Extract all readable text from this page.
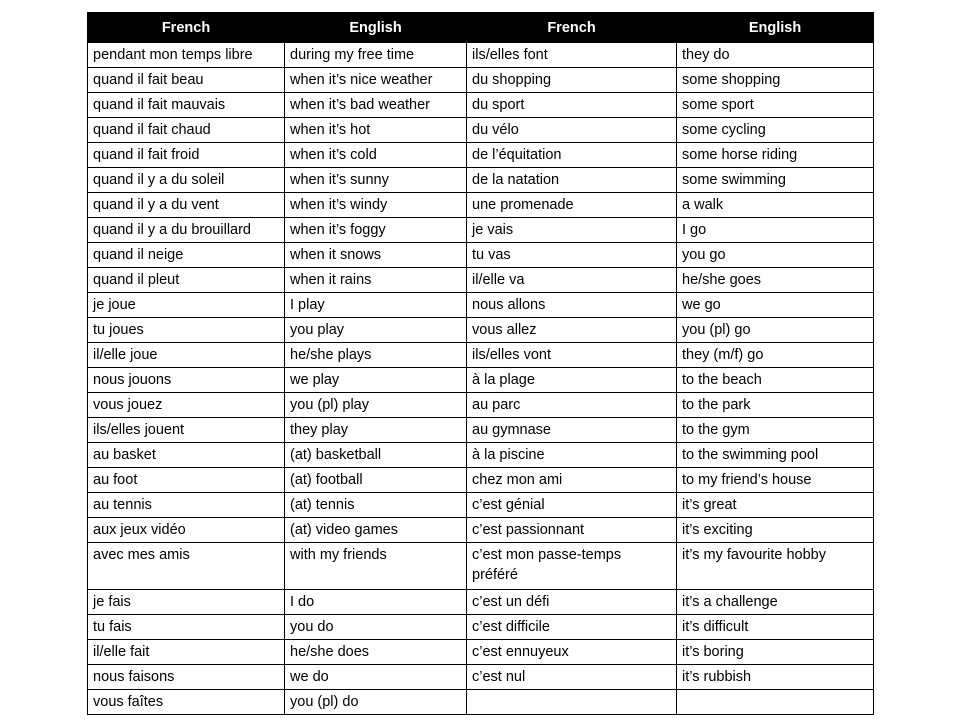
French	English	French	English
pendant mon temps libre	during my free time	ils/elles font	they do
quand il fait beau	when it’s nice weather	du shopping	some shopping
quand il fait mauvais	when it’s bad weather	du sport	some sport
quand il fait chaud	when it’s hot	du vélo	some cycling
quand il fait froid	when it’s cold	de l’équitation	some horse riding
quand il y a du soleil	when it’s sunny	de la natation	some swimming
quand il y a du vent	when it’s windy	une promenade	a walk
quand il y a du brouillard	when it’s foggy	je vais	I go
quand il neige	when it snows	tu vas	you go
quand il pleut	when it rains	il/elle va	he/she goes
je joue	I play	nous allons	we go
tu joues	you play	vous allez	you (pl) go
il/elle joue	he/she plays	ils/elles vont	they (m/f) go
nous jouons	we play	à la plage	to the beach
vous jouez	you (pl) play	au parc	to the park
ils/elles jouent	they play	au gymnase	to the gym
au basket	(at) basketball	à la piscine	to the swimming pool
au foot	(at) football	chez mon ami	to my friend’s house
au tennis	(at) tennis	c’est génial	it’s great
aux jeux vidéo	(at) video games	c’est passionnant	it’s exciting
avec mes amis	with my friends	c’est mon passe-temps préféré	it’s my favourite hobby
je fais	I do	c’est un défi	it’s a challenge
tu fais	you do	c’est difficile	it’s difficult
il/elle fait	he/she does	c’est ennuyeux	it’s boring
nous faisons	we do	c’est nul	it’s rubbish
vous faîtes	you (pl) do		
